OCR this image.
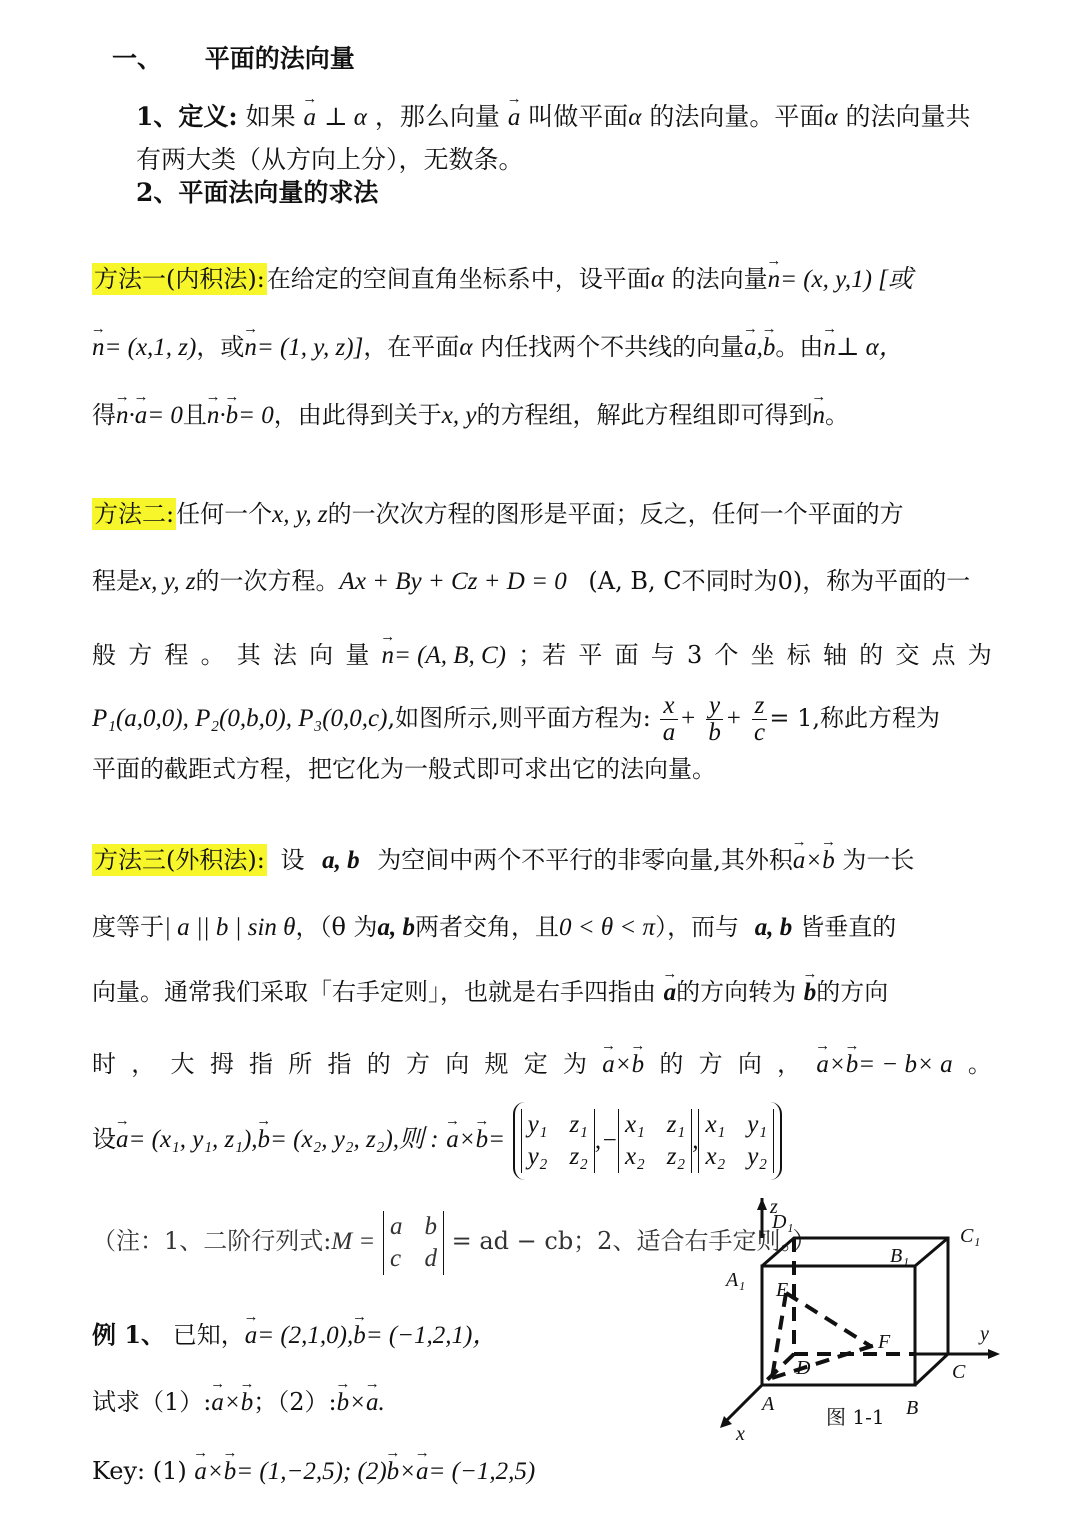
一、 平面的法向量
1、定义: 如果 → a ⊥ α ，那么向量 → a 叫做平面α 的法向量。平面α 的法向量共
有两大类（从方向上分），无数条。
2、平面法向量的求法
方法一(内积法):在给定的空间直角坐标系中，设平面α 的法向量→ n= (x, y,1) [或
→ n= (x,1, z)，或→ n= (1, y, z)]，在平面α 内任找两个不共线的向量→ a,→ b。由→ n⊥ α，
得→ n·→ a= 0且→ n·→ b= 0，由此得到关于x, y的方程组，解此方程组即可得到→ n。
方法二:任何一个x, y, z的一次次方程的图形是平面；反之，任何一个平面的方
程是x, y, z的一次方程。Ax + By + Cz + D = 0 (A, B, C不同时为0)，称为平面的一
般 方 程 。 其 法 向 量 → n= (A, B, C) ；若 平 面 与 3 个 坐 标 轴 的 交 点 为
P₁(a,0,0), P₂(0,b,0), P₃(0,0,c),如图所示,则平面方程为: $\frac{x}{a} + \frac{y}{b} + \frac{z}{c} = 1$,称此方程为
平面的截距式方程，把它化为一般式即可求出它的法向量。
方法三(外积法): 设 a, b 为空间中两个不平行的非零向量,其外积→ a×→ b 为一长
度等于| a || b | sin θ，（θ 为a, b两者交角，且0 < θ < π），而与 a, b 皆垂直的
向量。通常我们采取「右手定则」，也就是右手四指由 → a的方向转为 → b的方向
时 ， 大 拇 指 所 指 的 方 向 规 定 为 → a×→ b 的 方 向 ， → a×→ b= − b× a 。
设→ a= (x₁, y₁, z₁),→ b= (x₂, y₂, z₂),则 : → a×→ b=
y₁ z₁
y₂ z₂
, −
x₁ z₁
x₂ z₂
,
x₁ y₁
x₂ y₂
（注：1、二阶行列式:M =
a b
c d
= ad − cb；2、适合右手定则。）
例 1、 已知，→ a= (2,1,0),→ b= (−1,2,1)，
试求（1）:→ a×→ b；（2）:→ b×→ a.
Key: (1) → a×→ b= (1,−2,5); (2)→ b×→ a= (−1,2,5)
z
y
x
D₁
C₁
B₁
A₁ E
F
D	C
A	B
图 1-1
